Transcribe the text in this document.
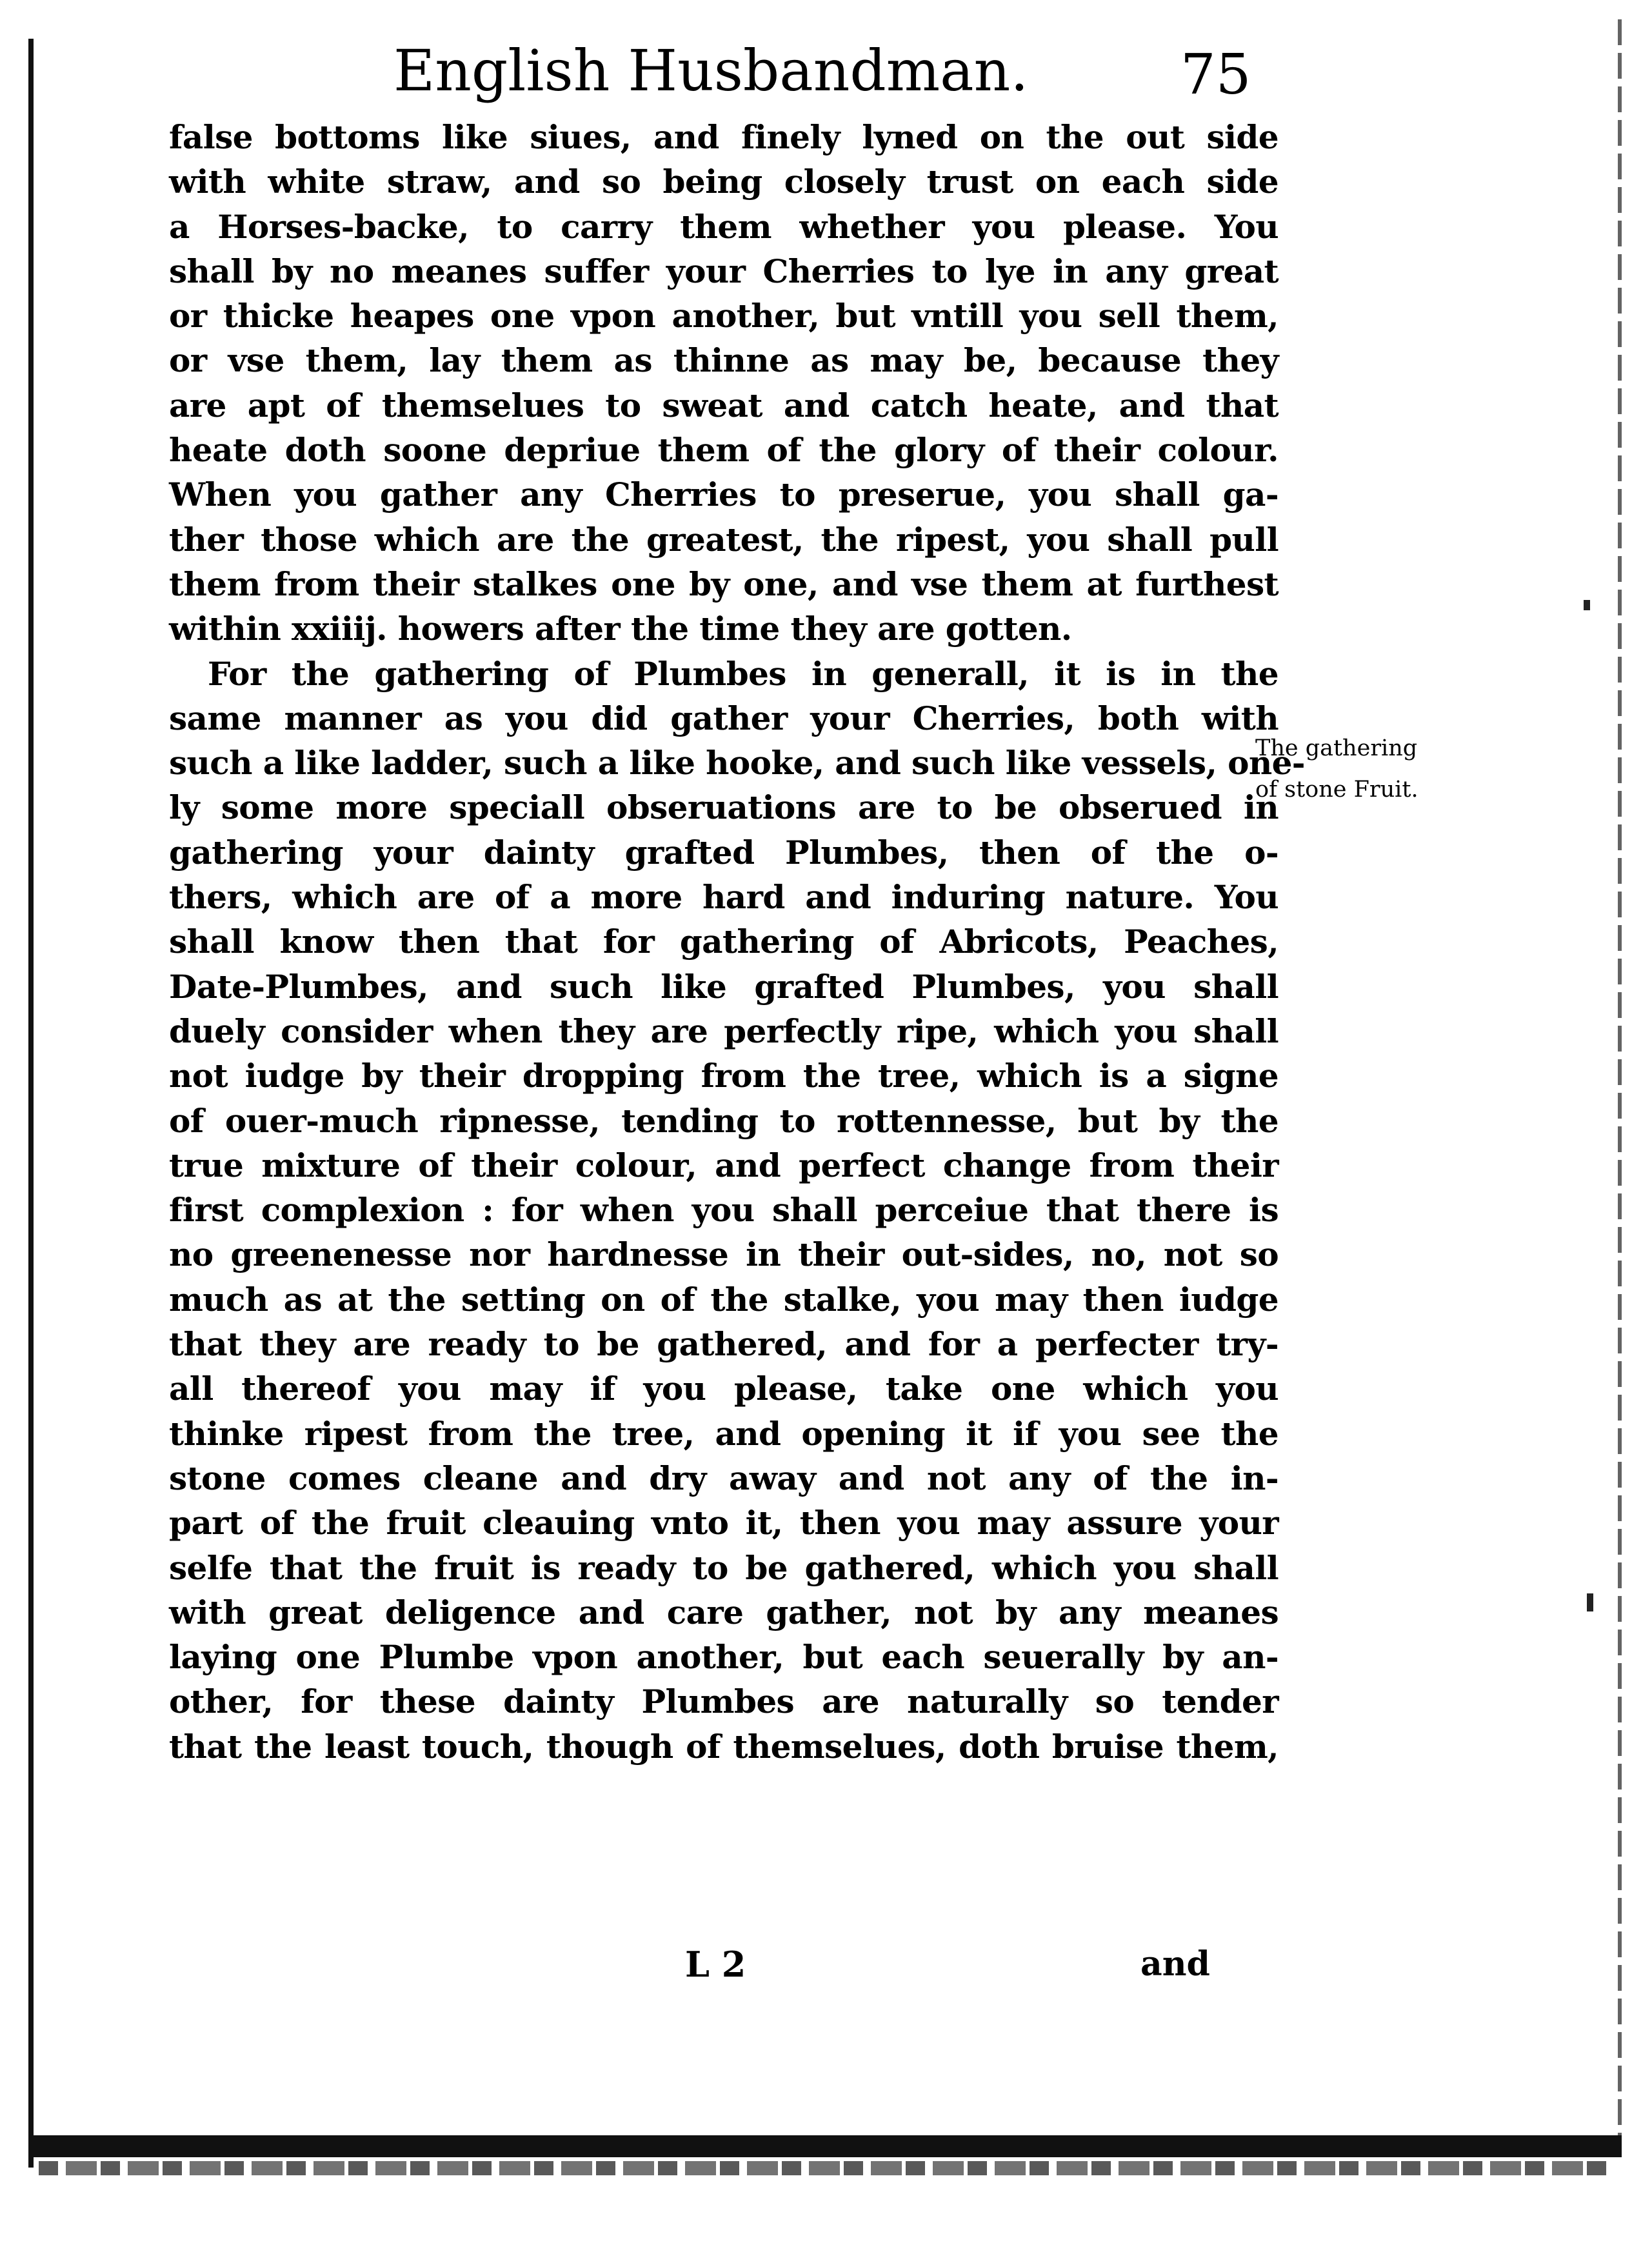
English Husbandman.	75
false bottoms like siues, and finely lyned on the out side
with white straw, and so being closely trust on each side
a Horses-backe, to carry them whether you please. You
shall by no meanes suffer your Cherries to lye in any great
or thicke heapes one vpon another, but vntill you sell them,
or vse them, lay them as thinne as may be, because they
are apt of themselues to sweat and catch heate, and that
heate doth soone depriue them of the glory of their colour.
When you gather any Cherries to preserue, you shall ga-
ther those which are the greatest, the ripest, you shall pull
them from their stalkes one by one, and vse them at furthest
within xxiiij. howers after the time they are gotten.
For the gathering of Plumbes in generall, it is in the
same manner as you did gather your Cherries, both with
such a like ladder, such a like hooke, and such like vessels, one-
ly some more speciall obseruations are to be obserued in
gathering your dainty grafted Plumbes, then of the o-
thers, which are of a more hard and induring nature. You
shall know then that for gathering of Abricots, Peaches,
Date-Plumbes, and such like grafted Plumbes, you shall
duely consider when they are perfectly ripe, which you shall
not iudge by their dropping from the tree, which is a signe
of ouer-much ripnesse, tending to rottennesse, but by the
true mixture of their colour, and perfect change from their
first complexion : for when you shall perceiue that there is
no greenenesse nor hardnesse in their out-sides, no, not so
much as at the setting on of the stalke, you may then iudge
that they are ready to be gathered, and for a perfecter try-
all thereof you may if you please, take one which you
thinke ripest from the tree, and opening it if you see the
stone comes cleane and dry away and not any of the in-
part of the fruit cleauing vnto it, then you may assure your
selfe that the fruit is ready to be gathered, which you shall
with great deligence and care gather, not by any meanes
laying one Plumbe vpon another, but each seuerally by an-
other, for these dainty Plumbes are naturally so tender
that the least touch, though of themselues, doth bruise them,
The gathering
of stone Fruit.
L 2	and
